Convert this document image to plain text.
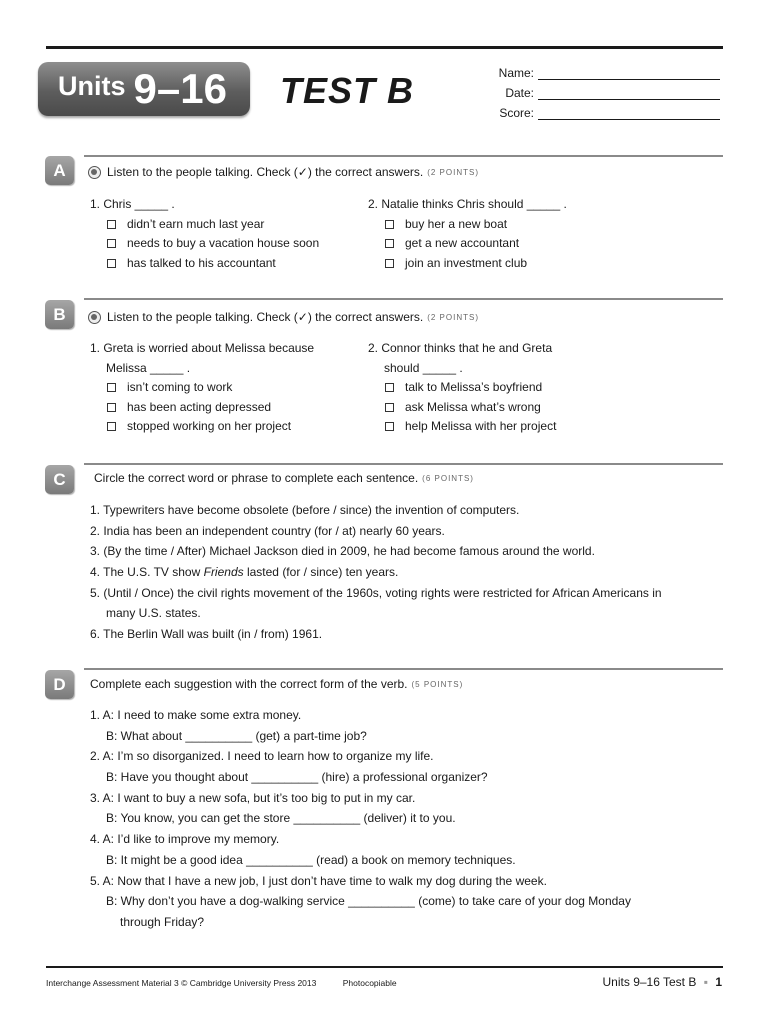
Units 9–16 TEST B	Name:
Date:
Score:
A	Listen to the people talking. Check (✓) the correct answers. (2 POINTS)
1. Chris _____ .
didn’t earn much last year
needs to buy a vacation house soon
has talked to his accountant
2. Natalie thinks Chris should _____ .
buy her a new boat
get a new accountant
join an investment club
B	Listen to the people talking. Check (✓) the correct answers. (2 POINTS)
1. Greta is worried about Melissa because
Melissa _____ .
isn’t coming to work
has been acting depressed
stopped working on her project
2. Connor thinks that he and Greta
should _____ .
talk to Melissa’s boyfriend
ask Melissa what’s wrong
help Melissa with her project
C	Circle the correct word or phrase to complete each sentence. (6 POINTS)
1. Typewriters have become obsolete (before / since) the invention of computers.
2. India has been an independent country (for / at) nearly 60 years.
3. (By the time / After) Michael Jackson died in 2009, he had become famous around the world.
4. The U.S. TV show Friends lasted (for / since) ten years.
5. (Until / Once) the civil rights movement of the 1960s, voting rights were restricted for African Americans in
many U.S. states.
6. The Berlin Wall was built (in / from) 1961.
D	Complete each suggestion with the correct form of the verb. (5 POINTS)
1. A: I need to make some extra money.
B: What about __________ (get) a part-time job?
2. A: I’m so disorganized. I need to learn how to organize my life.
B: Have you thought about __________ (hire) a professional organizer?
3. A: I want to buy a new sofa, but it’s too big to put in my car.
B: You know, you can get the store __________ (deliver) it to you.
4. A: I’d like to improve my memory.
B: It might be a good idea __________ (read) a book on memory techniques.
5. A: Now that I have a new job, I just don’t have time to walk my dog during the week.
B: Why don’t you have a dog-walking service __________ (come) to take care of your dog Monday
through Friday?
Interchange Assessment Material 3 © Cambridge University Press 2013	Photocopiable	Units 9–16 Test B ▪ 1
